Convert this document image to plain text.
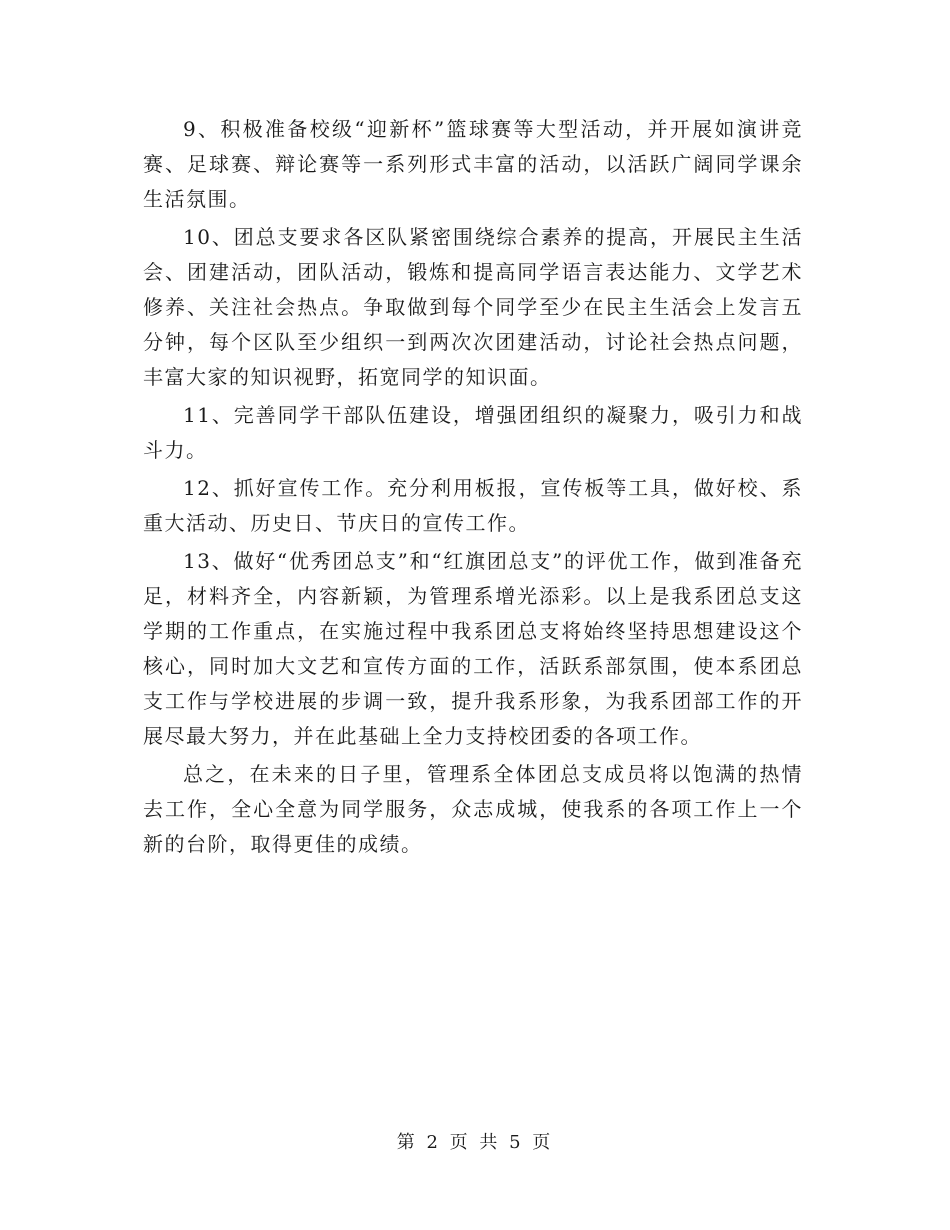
9、积极准备校级“迎新杯”篮球赛等大型活动，并开展如演讲竞赛、足球赛、辩论赛等一系列形式丰富的活动，以活跃广阔同学课余生活氛围。

10、团总支要求各区队紧密围绕综合素养的提高，开展民主生活会、团建活动，团队活动，锻炼和提高同学语言表达能力、文学艺术修养、关注社会热点。争取做到每个同学至少在民主生活会上发言五分钟，每个区队至少组织一到两次次团建活动，讨论社会热点问题，丰富大家的知识视野，拓宽同学的知识面。

11、完善同学干部队伍建设，增强团组织的凝聚力，吸引力和战斗力。

12、抓好宣传工作。充分利用板报，宣传板等工具，做好校、系重大活动、历史日、节庆日的宣传工作。

13、做好“优秀团总支”和“红旗团总支”的评优工作，做到准备充足，材料齐全，内容新颖，为管理系增光添彩。以上是我系团总支这学期的工作重点，在实施过程中我系团总支将始终坚持思想建设这个核心，同时加大文艺和宣传方面的工作，活跃系部氛围，使本系团总支工作与学校进展的步调一致，提升我系形象，为我系团部工作的开展尽最大努力，并在此基础上全力支持校团委的各项工作。

总之，在未来的日子里，管理系全体团总支成员将以饱满的热情去工作，全心全意为同学服务，众志成城，使我系的各项工作上一个新的台阶，取得更佳的成绩。

第 2 页 共 5 页
